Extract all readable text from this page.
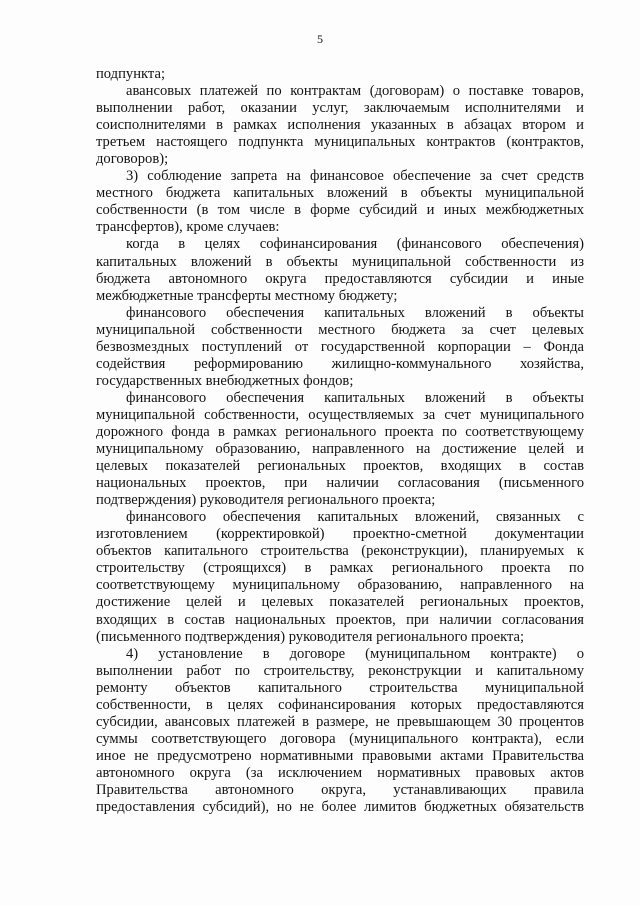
5
подпункта;
авансовых платежей по контрактам (договорам) о поставке товаров,
выполнении работ, оказании услуг, заключаемым исполнителями и
соисполнителями в рамках исполнения указанных в абзацах втором и
третьем настоящего подпункта муниципальных контрактов (контрактов,
договоров);
3) соблюдение запрета на финансовое обеспечение за счет средств
местного бюджета капитальных вложений в объекты муниципальной
собственности (в том числе в форме субсидий и иных межбюджетных
трансфертов), кроме случаев:
когда в целях софинансирования (финансового обеспечения)
капитальных вложений в объекты муниципальной собственности из
бюджета автономного округа предоставляются субсидии и иные
межбюджетные трансферты местному бюджету;
финансового обеспечения капитальных вложений в объекты
муниципальной собственности местного бюджета за счет целевых
безвозмездных поступлений от государственной корпорации – Фонда
содействия реформированию жилищно-коммунального хозяйства,
государственных внебюджетных фондов;
финансового обеспечения капитальных вложений в объекты
муниципальной собственности, осуществляемых за счет муниципального
дорожного фонда в рамках регионального проекта по соответствующему
муниципальному образованию, направленного на достижение целей и
целевых показателей региональных проектов, входящих в состав
национальных проектов, при наличии согласования (письменного
подтверждения) руководителя регионального проекта;
финансового обеспечения капитальных вложений, связанных с
изготовлением (корректировкой) проектно-сметной документации
объектов капитального строительства (реконструкции), планируемых к
строительству (строящихся) в рамках регионального проекта по
соответствующему муниципальному образованию, направленного на
достижение целей и целевых показателей региональных проектов,
входящих в состав национальных проектов, при наличии согласования
(письменного подтверждения) руководителя регионального проекта;
4) установление в договоре (муниципальном контракте) о
выполнении работ по строительству, реконструкции и капитальному
ремонту объектов капитального строительства муниципальной
собственности, в целях софинансирования которых предоставляются
субсидии, авансовых платежей в размере, не превышающем 30 процентов
суммы соответствующего договора (муниципального контракта), если
иное не предусмотрено нормативными правовыми актами Правительства
автономного округа (за исключением нормативных правовых актов
Правительства автономного округа, устанавливающих правила
предоставления субсидий), но не более лимитов бюджетных обязательств
